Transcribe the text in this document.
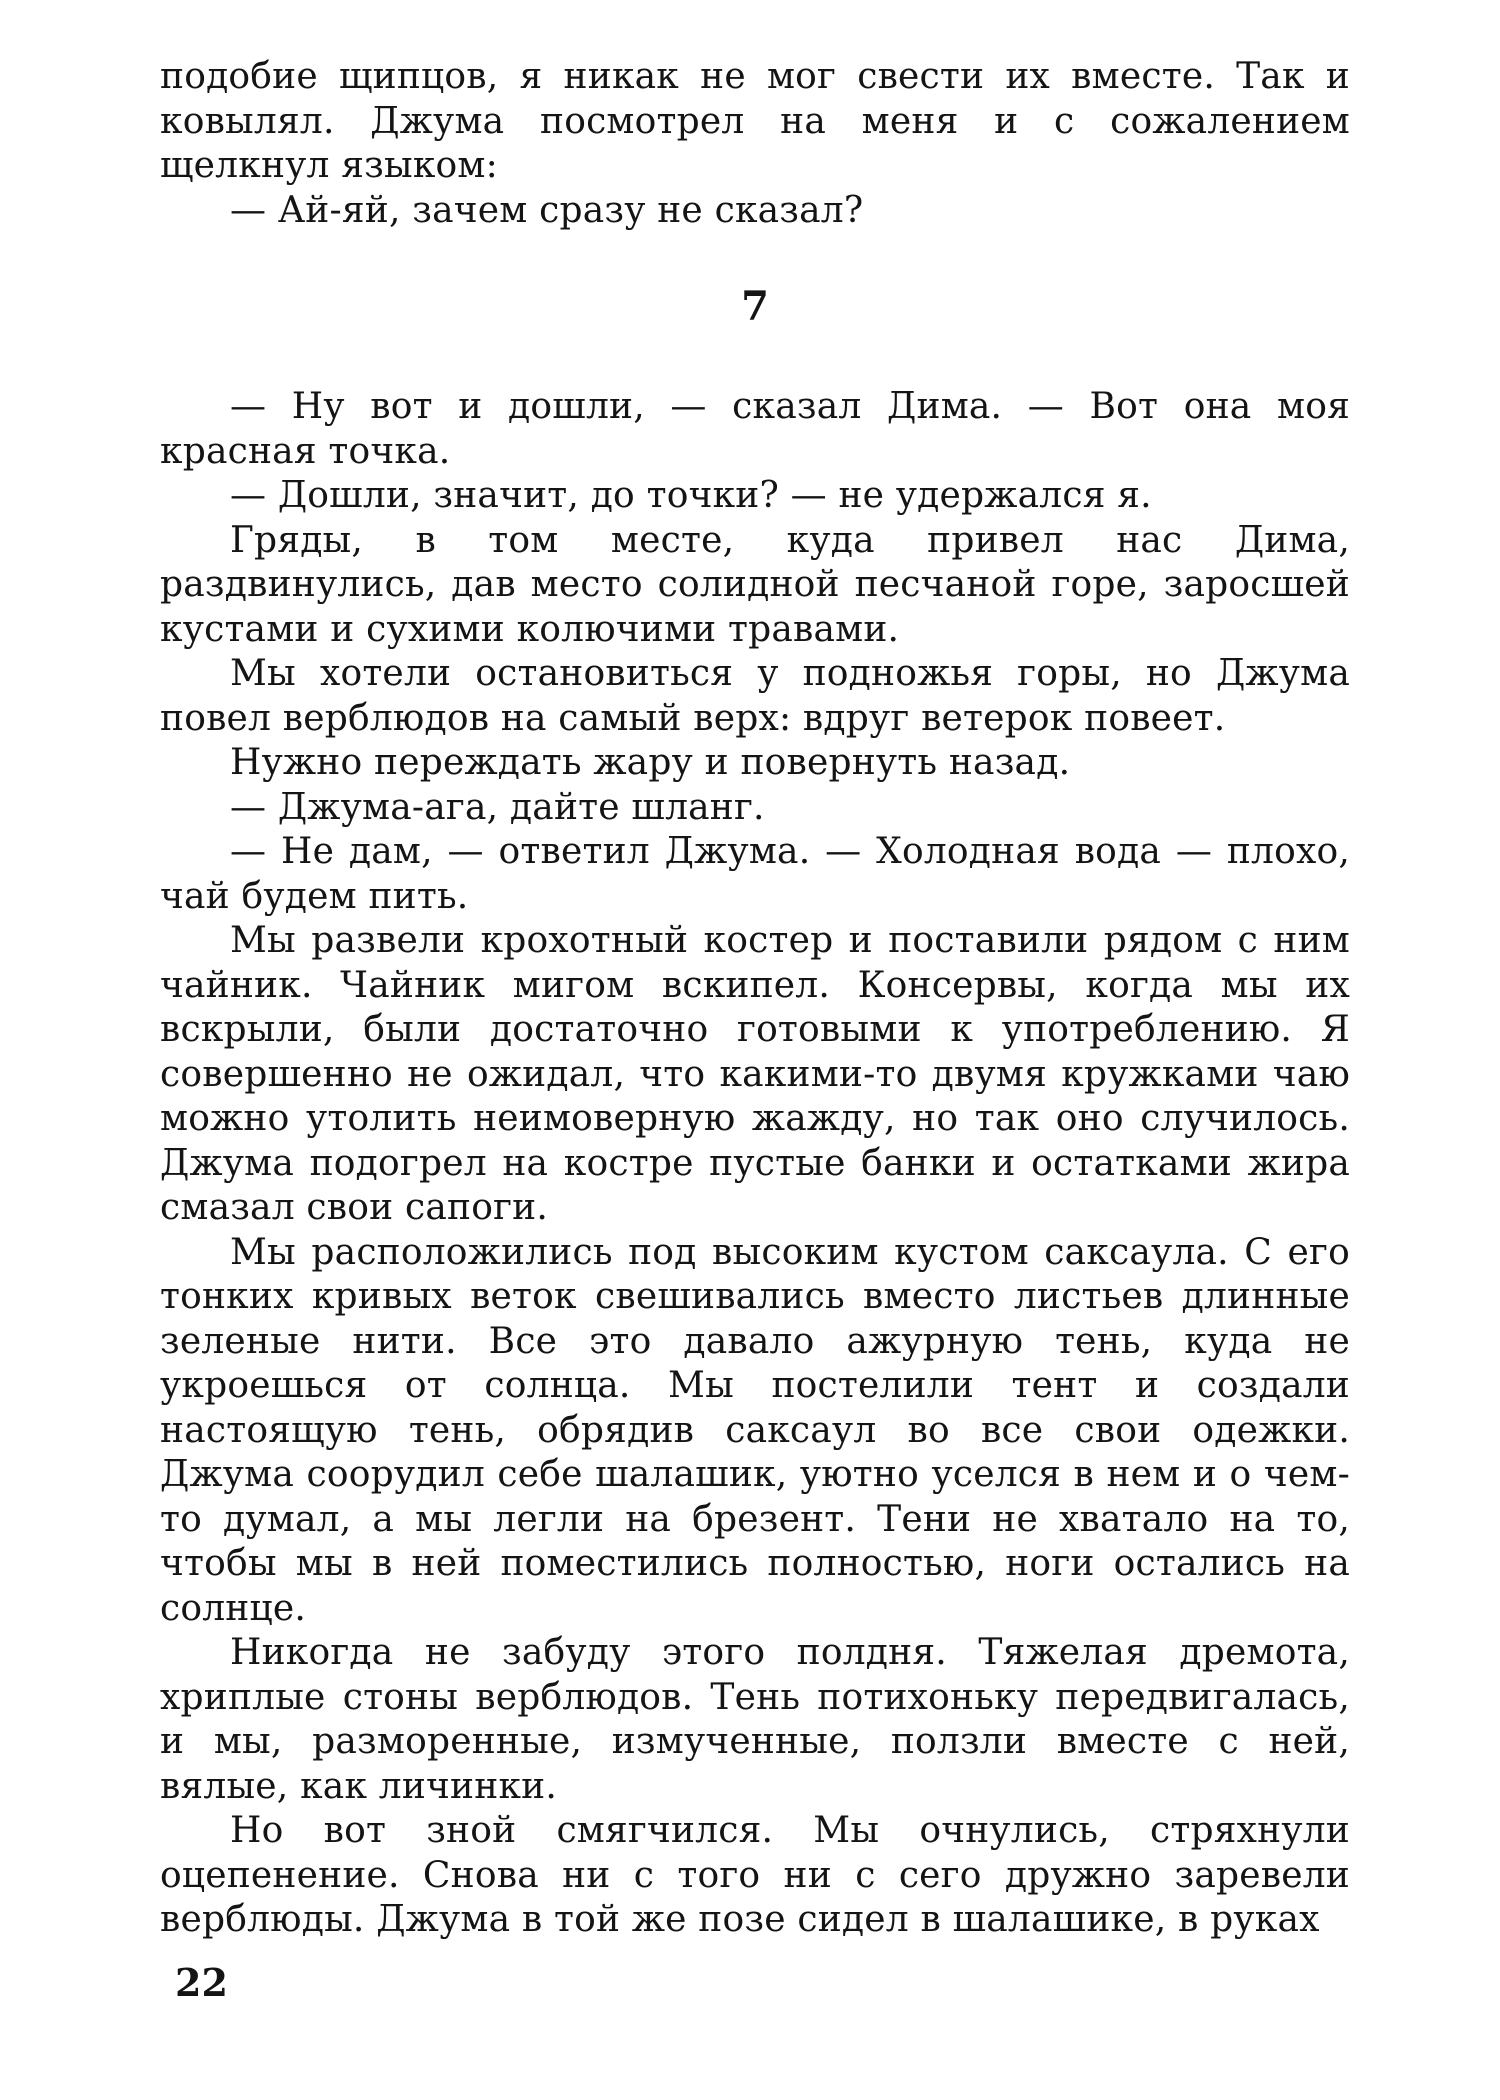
подобие щипцов, я никак не мог свести их вместе. Так и ковылял. Джума посмотрел на меня и с сожалением щелкнул языком:

— Ай-яй, зачем сразу не сказал?

7

— Ну вот и дошли, — сказал Дима. — Вот она моя красная точка.

— Дошли, значит, до точки? — не удержался я.

Гряды, в том месте, куда привел нас Дима, раздвинулись, дав место солидной песчаной горе, заросшей кустами и сухими колючими травами.

Мы хотели остановиться у подножья горы, но Джума повел верблюдов на самый верх: вдруг ветерок повеет.

Нужно переждать жару и повернуть назад.

— Джума-ага, дайте шланг.

— Не дам, — ответил Джума. — Холодная вода — плохо, чай будем пить.

Мы развели крохотный костер и поставили рядом с ним чайник. Чайник мигом вскипел. Консервы, когда мы их вскрыли, были достаточно готовыми к употреблению. Я совершенно не ожидал, что какими-то двумя кружками чаю можно утолить неимоверную жажду, но так оно случилось. Джума подогрел на костре пустые банки и остатками жира смазал свои сапоги.

Мы расположились под высоким кустом саксаула. С его тонких кривых веток свешивались вместо листьев длинные зеленые нити. Все это давало ажурную тень, куда не укроешься от солнца. Мы постелили тент и создали настоящую тень, обрядив саксаул во все свои одежки. Джума соорудил себе шалашик, уютно уселся в нем и о чем-то думал, а мы легли на брезент. Тени не хватало на то, чтобы мы в ней поместились полностью, ноги остались на солнце.

Никогда не забуду этого полдня. Тяжелая дремота, хриплые стоны верблюдов. Тень потихоньку передвигалась, и мы, разморенные, измученные, ползли вместе с ней, вялые, как личинки.

Но вот зной смягчился. Мы очнулись, стряхнули оцепенение. Снова ни с того ни с сего дружно заревели верблюды. Джума в той же позе сидел в шалашике, в руках

22
